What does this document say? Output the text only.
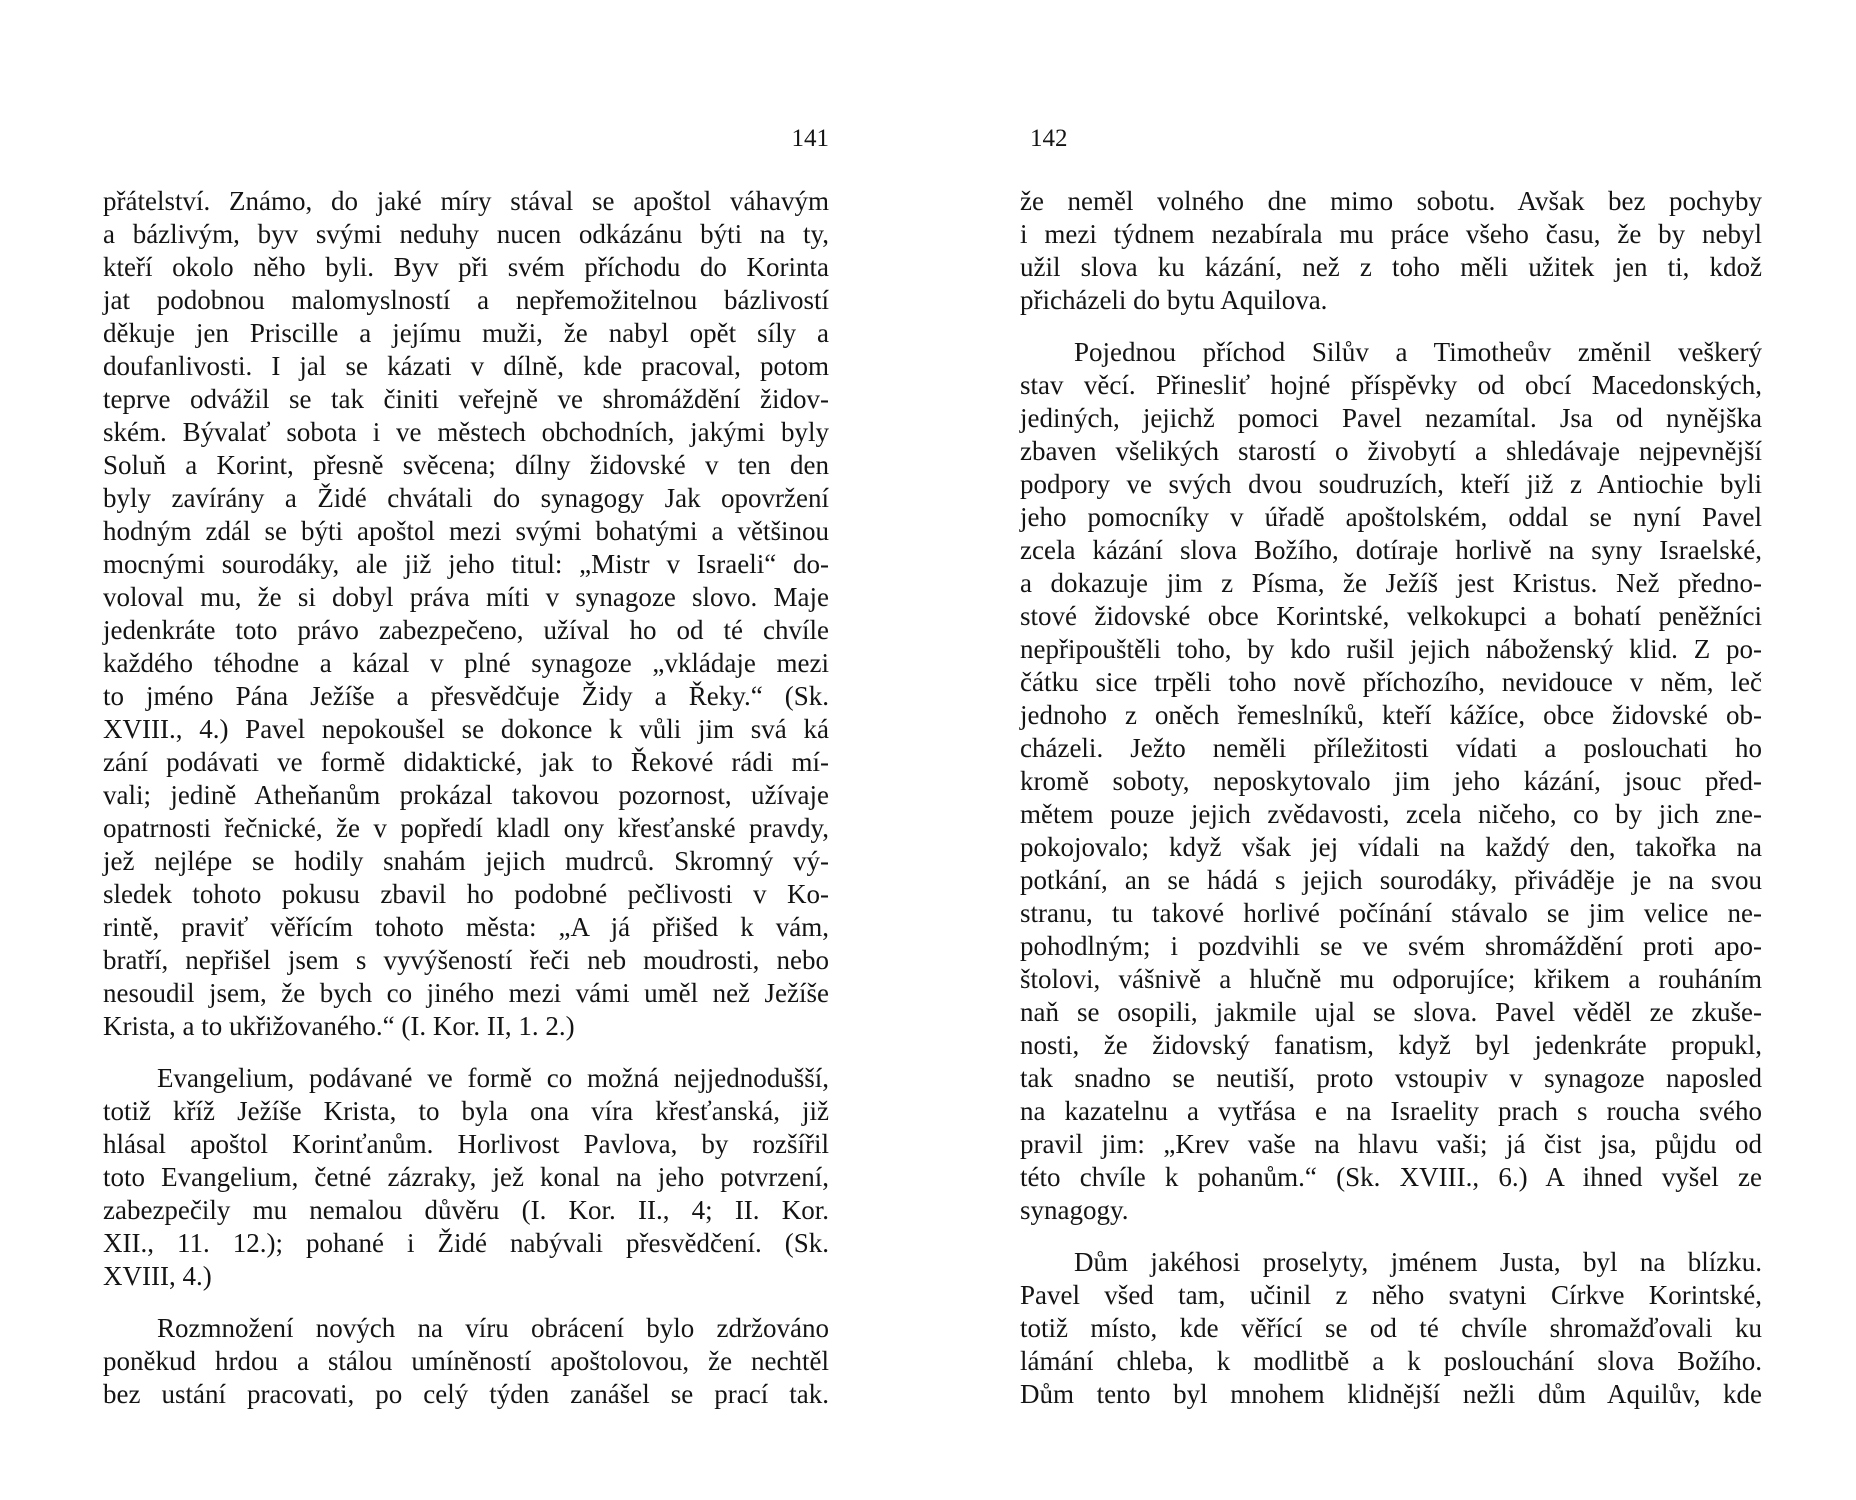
141
přátelství. Známo, do jaké míry stával se apoštol váhavým
a bázlivým, byv svými neduhy nucen odkázánu býti na ty,
kteří okolo něho byli. Byv při svém příchodu do Korinta
jat podobnou malomyslností a nepřemožitelnou bázlivostí
děkuje jen Priscille a jejímu muži, že nabyl opět síly a
doufanlivosti. I jal se kázati v dílně, kde pracoval, potom
teprve odvážil se tak činiti veřejně ve shromáždění židov-
ském. Bývalať sobota i ve městech obchodních, jakými byly
Soluň a Korint, přesně svěcena; dílny židovské v ten den
byly zavírány a Židé chvátali do synagogy Jak opovržení
hodným zdál se býti apoštol mezi svými bohatými a většinou
mocnými sourodáky, ale již jeho titul: „Mistr v Israeli“ do-
voloval mu, že si dobyl práva míti v synagoze slovo. Maje
jedenkráte toto právo zabezpečeno, užíval ho od té chvíle
každého téhodne a kázal v plné synagoze „vkládaje mezi
to jméno Pána Ježíše a přesvědčuje Židy a Řeky.“ (Sk.
XVIII., 4.) Pavel nepokoušel se dokonce k vůli jim svá ká
zání podávati ve formě didaktické, jak to Řekové rádi mí-
vali; jedině Atheňanům prokázal takovou pozornost, užívaje
opatrnosti řečnické, že v popředí kladl ony křesťanské pravdy,
jež nejlépe se hodily snahám jejich mudrců. Skromný vý-
sledek tohoto pokusu zbavil ho podobné pečlivosti v Ko-
rintě, praviť věřícím tohoto města: „A já přišed k vám,
bratří, nepřišel jsem s vyvýšeností řeči neb moudrosti, nebo
nesoudil jsem, že bych co jiného mezi vámi uměl než Ježíše
Krista, a to ukřižovaného.“ (I. Kor. II, 1. 2.)
Evangelium, podávané ve formě co možná nejjednodušší,
totiž kříž Ježíše Krista, to byla ona víra křesťanská, již
hlásal apoštol Korinťanům. Horlivost Pavlova, by rozšířil
toto Evangelium, četné zázraky, jež konal na jeho potvrzení,
zabezpečily mu nemalou důvěru (I. Kor. II., 4; II. Kor.
XII., 11. 12.); pohané i Židé nabývali přesvědčení. (Sk.
XVIII, 4.)
Rozmnožení nových na víru obrácení bylo zdržováno
poněkud hrdou a stálou umíněností apoštolovou, že nechtěl
bez ustání pracovati, po celý týden zanášel se prací tak.
142
že neměl volného dne mimo sobotu. Avšak bez pochyby
i mezi týdnem nezabírala mu práce všeho času, že by nebyl
užil slova ku kázání, než z toho měli užitek jen ti, kdož
přicházeli do bytu Aquilova.
Pojednou příchod Silův a Timotheův změnil veškerý
stav věcí. Přinesliť hojné příspěvky od obcí Macedonských,
jediných, jejichž pomoci Pavel nezamítal. Jsa od nynějška
zbaven všelikých starostí o živobytí a shledávaje nejpevnější
podpory ve svých dvou soudruzích, kteří již z Antiochie byli
jeho pomocníky v úřadě apoštolském, oddal se nyní Pavel
zcela kázání slova Božího, dotíraje horlivě na syny Israelské,
a dokazuje jim z Písma, že Ježíš jest Kristus. Než předno-
stové židovské obce Korintské, velkokupci a bohatí peněžníci
nepřipouštěli toho, by kdo rušil jejich náboženský klid. Z po-
čátku sice trpěli toho nově příchozího, nevidouce v něm, leč
jednoho z oněch řemeslníků, kteří kážíce, obce židovské ob-
cházeli. Ježto neměli příležitosti vídati a poslouchati ho
kromě soboty, neposkytovalo jim jeho kázání, jsouc před-
mětem pouze jejich zvědavosti, zcela ničeho, co by jich zne-
pokojovalo; když však jej vídali na každý den, takořka na
potkání, an se hádá s jejich sourodáky, přiváděje je na svou
stranu, tu takové horlivé počínání stávalo se jim velice ne-
pohodlným; i pozdvihli se ve svém shromáždění proti apo-
štolovi, vášnivě a hlučně mu odporujíce; křikem a rouháním
naň se osopili, jakmile ujal se slova. Pavel věděl ze zkuše-
nosti, že židovský fanatism, když byl jedenkráte propukl,
tak snadno se neutiší, proto vstoupiv v synagoze naposled
na kazatelnu a vytřása e na Israelity prach s roucha svého
pravil jim: „Krev vaše na hlavu vaši; já čist jsa, půjdu od
této chvíle k pohanům.“ (Sk. XVIII., 6.) A ihned vyšel ze
synagogy.
Dům jakéhosi proselyty, jménem Justa, byl na blízku.
Pavel všed tam, učinil z něho svatyni Církve Korintské,
totiž místo, kde věřící se od té chvíle shromažďovali ku
lámání chleba, k modlitbě a k poslouchání slova Božího.
Dům tento byl mnohem klidnější nežli dům Aquilův, kde
